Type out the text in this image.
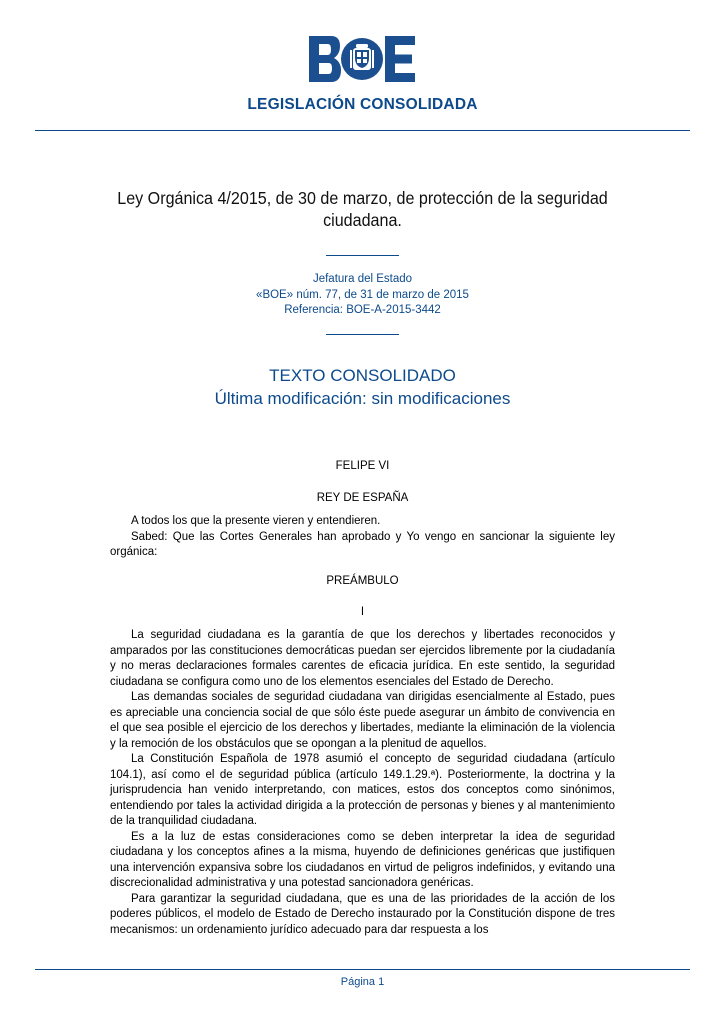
LEGISLACIÓN CONSOLIDADA
Ley Orgánica 4/2015, de 30 de marzo, de protección de la seguridad ciudadana.
Jefatura del Estado
«BOE» núm. 77, de 31 de marzo de 2015
Referencia: BOE-A-2015-3442
TEXTO CONSOLIDADO
Última modificación: sin modificaciones
FELIPE VI
REY DE ESPAÑA

A todos los que la presente vieren y entendieren.

Sabed: Que las Cortes Generales han aprobado y Yo vengo en sancionar la siguiente ley orgánica:

PREÁMBULO
I

La seguridad ciudadana es la garantía de que los derechos y libertades reconocidos y amparados por las constituciones democráticas puedan ser ejercidos libremente por la ciudadanía y no meras declaraciones formales carentes de eficacia jurídica. En este sentido, la seguridad ciudadana se configura como uno de los elementos esenciales del Estado de Derecho.

Las demandas sociales de seguridad ciudadana van dirigidas esencialmente al Estado, pues es apreciable una conciencia social de que sólo éste puede asegurar un ámbito de convivencia en el que sea posible el ejercicio de los derechos y libertades, mediante la eliminación de la violencia y la remoción de los obstáculos que se opongan a la plenitud de aquellos.

La Constitución Española de 1978 asumió el concepto de seguridad ciudadana (artículo 104.1), así como el de seguridad pública (artículo 149.1.29.ª). Posteriormente, la doctrina y la jurisprudencia han venido interpretando, con matices, estos dos conceptos como sinónimos, entendiendo por tales la actividad dirigida a la protección de personas y bienes y al mantenimiento de la tranquilidad ciudadana.

Es a la luz de estas consideraciones como se deben interpretar la idea de seguridad ciudadana y los conceptos afines a la misma, huyendo de definiciones genéricas que justifiquen una intervención expansiva sobre los ciudadanos en virtud de peligros indefinidos, y evitando una discrecionalidad administrativa y una potestad sancionadora genéricas.

Para garantizar la seguridad ciudadana, que es una de las prioridades de la acción de los poderes públicos, el modelo de Estado de Derecho instaurado por la Constitución dispone de tres mecanismos: un ordenamiento jurídico adecuado para dar respuesta a los

Página 1
